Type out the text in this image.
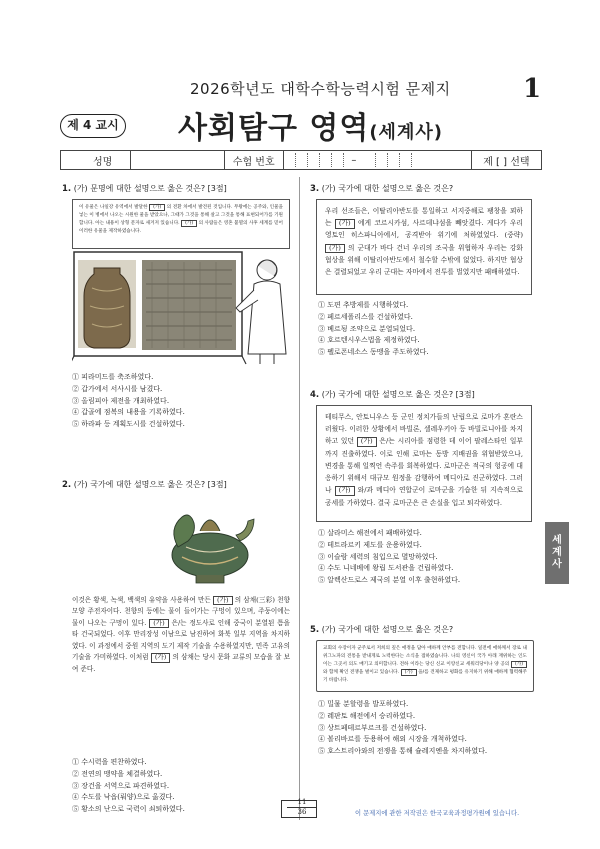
2026학년도 대학수학능력시험 문제지	1
제 4 교시 사회탐구 영역(세계사)
성명	수험 번호	–	제 [ ] 선택
1. (가) 문명에 대한 설명으로 옳은 것은? [3점]
이 유물은 나일강 유역에서 발달한 (가) 의 전환 차에서 발견된 것입니다. 무왕에는 공주와, 인물을 넣는 이 병에서 나오는 시원한 물을 받았으나, 그때가 그것을 통해 살고 그것을 통해 표현되어가를 기원합니다. 아는 내용이 상형 문자로 새겨져 있습니다. (가) 의 사람들은 영혼 불멸의 사후 세계를 믿어 이러한 유물을 제작하였습니다.
① 피라미드를 축조하였다.
② 갑가에서 서사시를 남겼다.
③ 올림피아 제전을 개최하였다.
④ 갑골에 점복의 내용을 기록하였다.
⑤ 하라파 등 계획도시를 건설하였다.
2. (가) 국가에 대한 설명으로 옳은 것은? [3점]
이것은 황색, 녹색, 백색의 유약을 사용하여 만든 (가) 의 삼채(三彩) 천향 모양 주전자이다. 천향의 등에는 물이 들어가는 구멍이 있으며, 주둥이에는 물이 나오는 구멍이 있다. (가) 은/는 정도사로 인해 중국이 분열된 틈을 타 건국되었다. 이후 만리장성 이남으로 남진하여 화북 일부 지역을 차지하였다. 이 과정에서 중원 지역의 도기 제작 기술을 수용하였지만, 민족 고유의 기술을 가미하였다. 이처럼 (가) 의 삼채는 당시 문화 교류의 모습을 잘 보여 준다.
① 수시력을 편찬하였다.
② 전연의 맹약을 체결하였다.
③ 장건을 서역으로 파견하였다.
④ 수도를 낙읍(뤄양)으로 옮겼다.
⑤ 황소의 난으로 국력이 쇠퇴하였다.
3. (가) 국가에 대한 설명으로 옳은 것은?
우리 선조들은, 이탈리아반도를 통일하고 서지중해로 팽창을 꾀하는 (가) 에게 코르시카섬, 사르데냐섬을 빼앗겼다. 게다가 우리 영토인 히스파니아에서, 공격받아 위기에 처하였었다. (중략) (가) 의 군대가 바다 건너 우리의 조국을 위협하자 우리는 강화 협상을 위해 이탈리아반도에서 철수할 수밖에 없었다. 하지만 협상은 결렬되었고 우리 군대는 자마에서 전투를 벌였지만 패배하였다.
① 도편 추방제를 시행하였다.
② 페르세폴리스를 건설하였다.
③ 베르됭 조약으로 분열되었다.
④ 호르텐시우스법을 제정하였다.
⑤ 펠로폰네소스 동맹을 주도하였다.
4. (가) 국가에 대한 설명으로 옳은 것은? [3점]
테티무스, 안토니우스 등 군인 정치가들의 난립으로 로마가 혼란스러웠다. 이러한 상황에서 바빌론, 셀레우키아 등 바빌로니아를 차지하고 있던 (가) 은/는 시리아를 점령한 데 이어 팔레스타인 일부까지 진출하였다. 이로 인해 로마는 동방 지배권을 위협받았으나, 변경을 통해 일찍언 속주를 회복하였다. 로마군은 적국의 헝공에 대응하기 위해서 대규모 원정을 감행하여 메디아로 진군하였다. 그러나 (가) 와/과 메디아 연합군이 로마군을 기습한 뒤 지속적으로 공세를 가하였다. 결국 로마군은 큰 손실을 입고 퇴각하였다.
① 살라미스 해전에서 패배하였다.
② 테트라르키 제도를 운용하였다.
③ 이슬람 세력의 침입으로 멸망하였다.
④ 수도 니네베에 왕립 도서관을 건립하였다.
⑤ 알렉산드로스 제국의 분열 이후 출현하였다.
5. (가) 국가에 대한 설명으로 옳은 것은?
교회의 수장이자 군주로서 저희의 깊은 애정을 담아 애하께 안부를 전합니다. 일전에 애하께서 장로 내 위그노파의 전통을 받내게로 노력한다는 소식을 접하였습니다. 나의 영신이 국가 아래 재위하는 인도 이는 그곳서 의도 매기고 의미합니다. 전하 이라는 당신 신교 이랑신교 세워리당이나 양 공의 (가) 와 함께 확인 전쟁을 벌이고 있습니다. (가) 을/를 견제하고 평화를 유지하기 위해 애하께 협력해주기 바랍니다.
① 밀물 분할령을 발포하였다.
② 레판토 해전에서 승리하였다.
③ 상트페테르부르크를 건설하였다.
④ 볼리바르를 등용하여 해외 시장을 개척하였다.
⑤ 호스트리아와의 전쟁을 통해 슐레지엔을 차지하였다.
세
계
사
11
36	이 문제지에 관한 저작권은 한국교육과정평가원에 있습니다.
